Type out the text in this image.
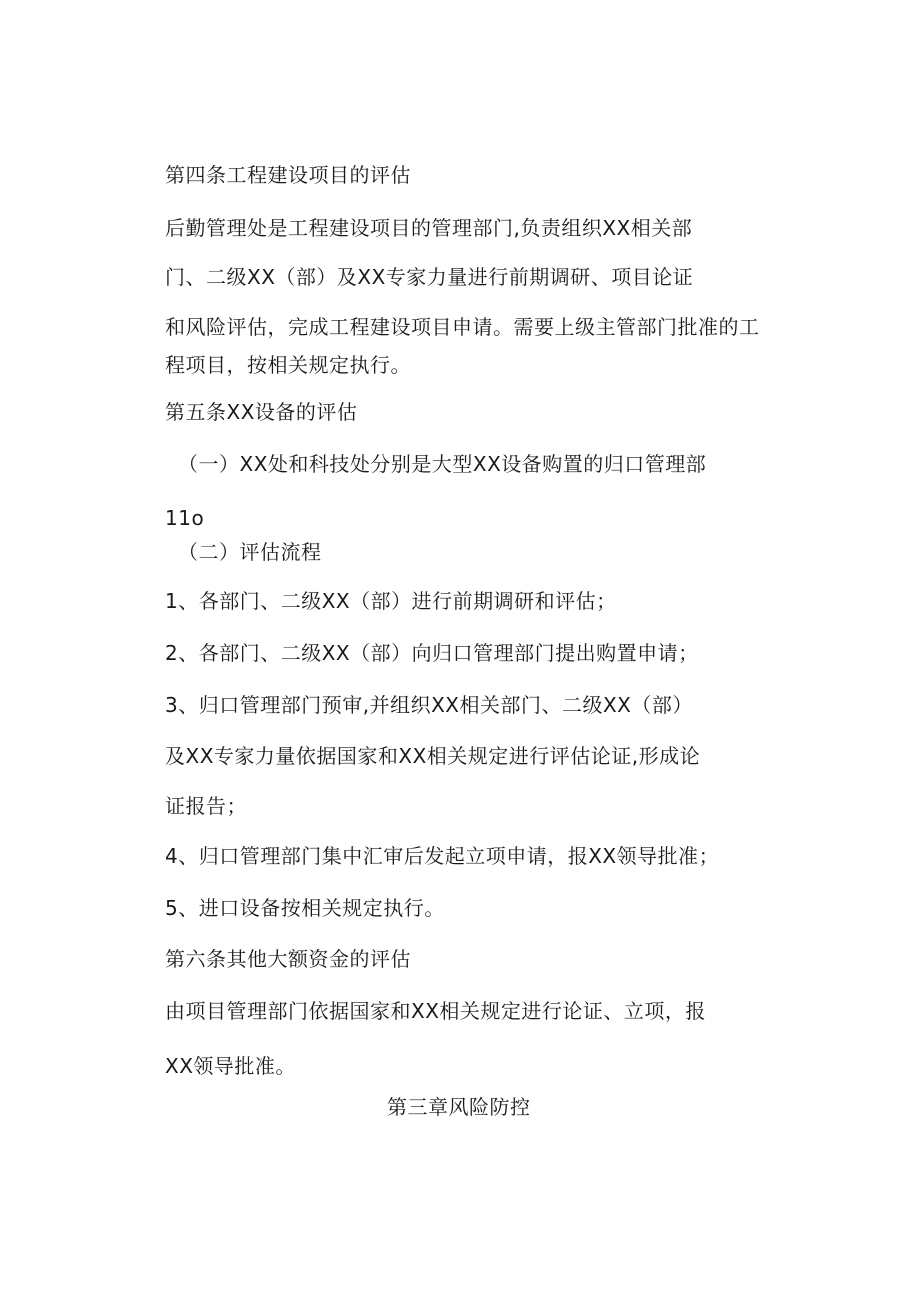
第四条工程建设项目的评估
后勤管理处是工程建设项目的管理部门,负责组织XX相关部
门、二级XX（部）及XX专家力量进行前期调研、项目论证
和风险评估，完成工程建设项目申请。需要上级主管部门批准的工
程项目，按相关规定执行。
第五条XX设备的评估
（一）XX处和科技处分别是大型XX设备购置的归口管理部
11o
（二）评估流程
1、各部门、二级XX（部）进行前期调研和评估；
2、各部门、二级XX（部）向归口管理部门提出购置申请；
3、归口管理部门预审,并组织XX相关部门、二级XX（部）
及XX专家力量依据国家和XX相关规定进行评估论证,形成论
证报告；
4、归口管理部门集中汇审后发起立项申请，报XX领导批准；
5、进口设备按相关规定执行。
第六条其他大额资金的评估
由项目管理部门依据国家和XX相关规定进行论证、立项，报
XX领导批准。
第三章风险防控
